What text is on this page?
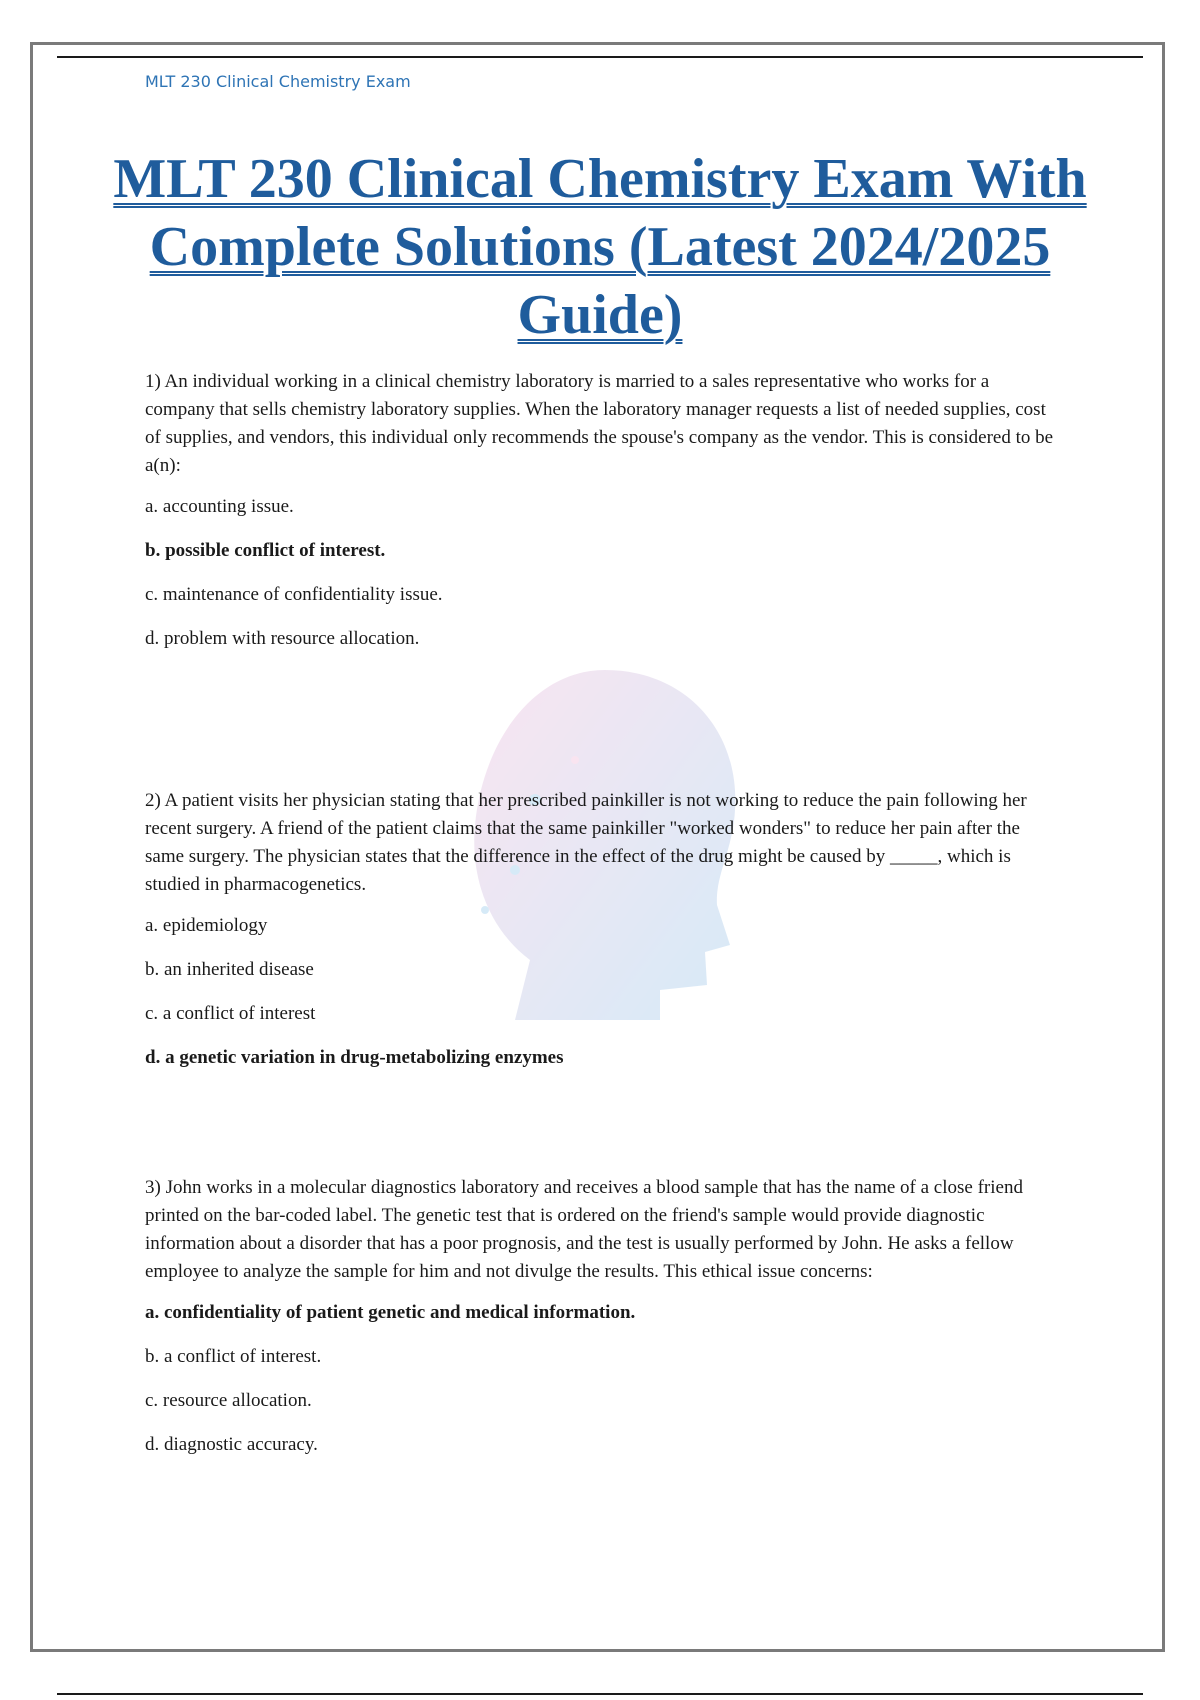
MLT 230 Clinical Chemistry Exam
MLT 230 Clinical Chemistry Exam With Complete Solutions (Latest 2024/2025 Guide)

1) An individual working in a clinical chemistry laboratory is married to a sales representative who works for a company that sells chemistry laboratory supplies. When the laboratory manager requests a list of needed supplies, cost of supplies, and vendors, this individual only recommends the spouse's company as the vendor. This is considered to be a(n):

a. accounting issue.
b. possible conflict of interest.
c. maintenance of confidentiality issue.
d. problem with resource allocation.

2) A patient visits her physician stating that her prescribed painkiller is not working to reduce the pain following her recent surgery. A friend of the patient claims that the same painkiller "worked wonders" to reduce her pain after the same surgery. The physician states that the difference in the effect of the drug might be caused by _____, which is studied in pharmacogenetics.

a. epidemiology
b. an inherited disease
c. a conflict of interest
d. a genetic variation in drug-metabolizing enzymes

3) John works in a molecular diagnostics laboratory and receives a blood sample that has the name of a close friend printed on the bar-coded label. The genetic test that is ordered on the friend's sample would provide diagnostic information about a disorder that has a poor prognosis, and the test is usually performed by John. He asks a fellow employee to analyze the sample for him and not divulge the results. This ethical issue concerns:

a. confidentiality of patient genetic and medical information.
b. a conflict of interest.
c. resource allocation.
d. diagnostic accuracy.
